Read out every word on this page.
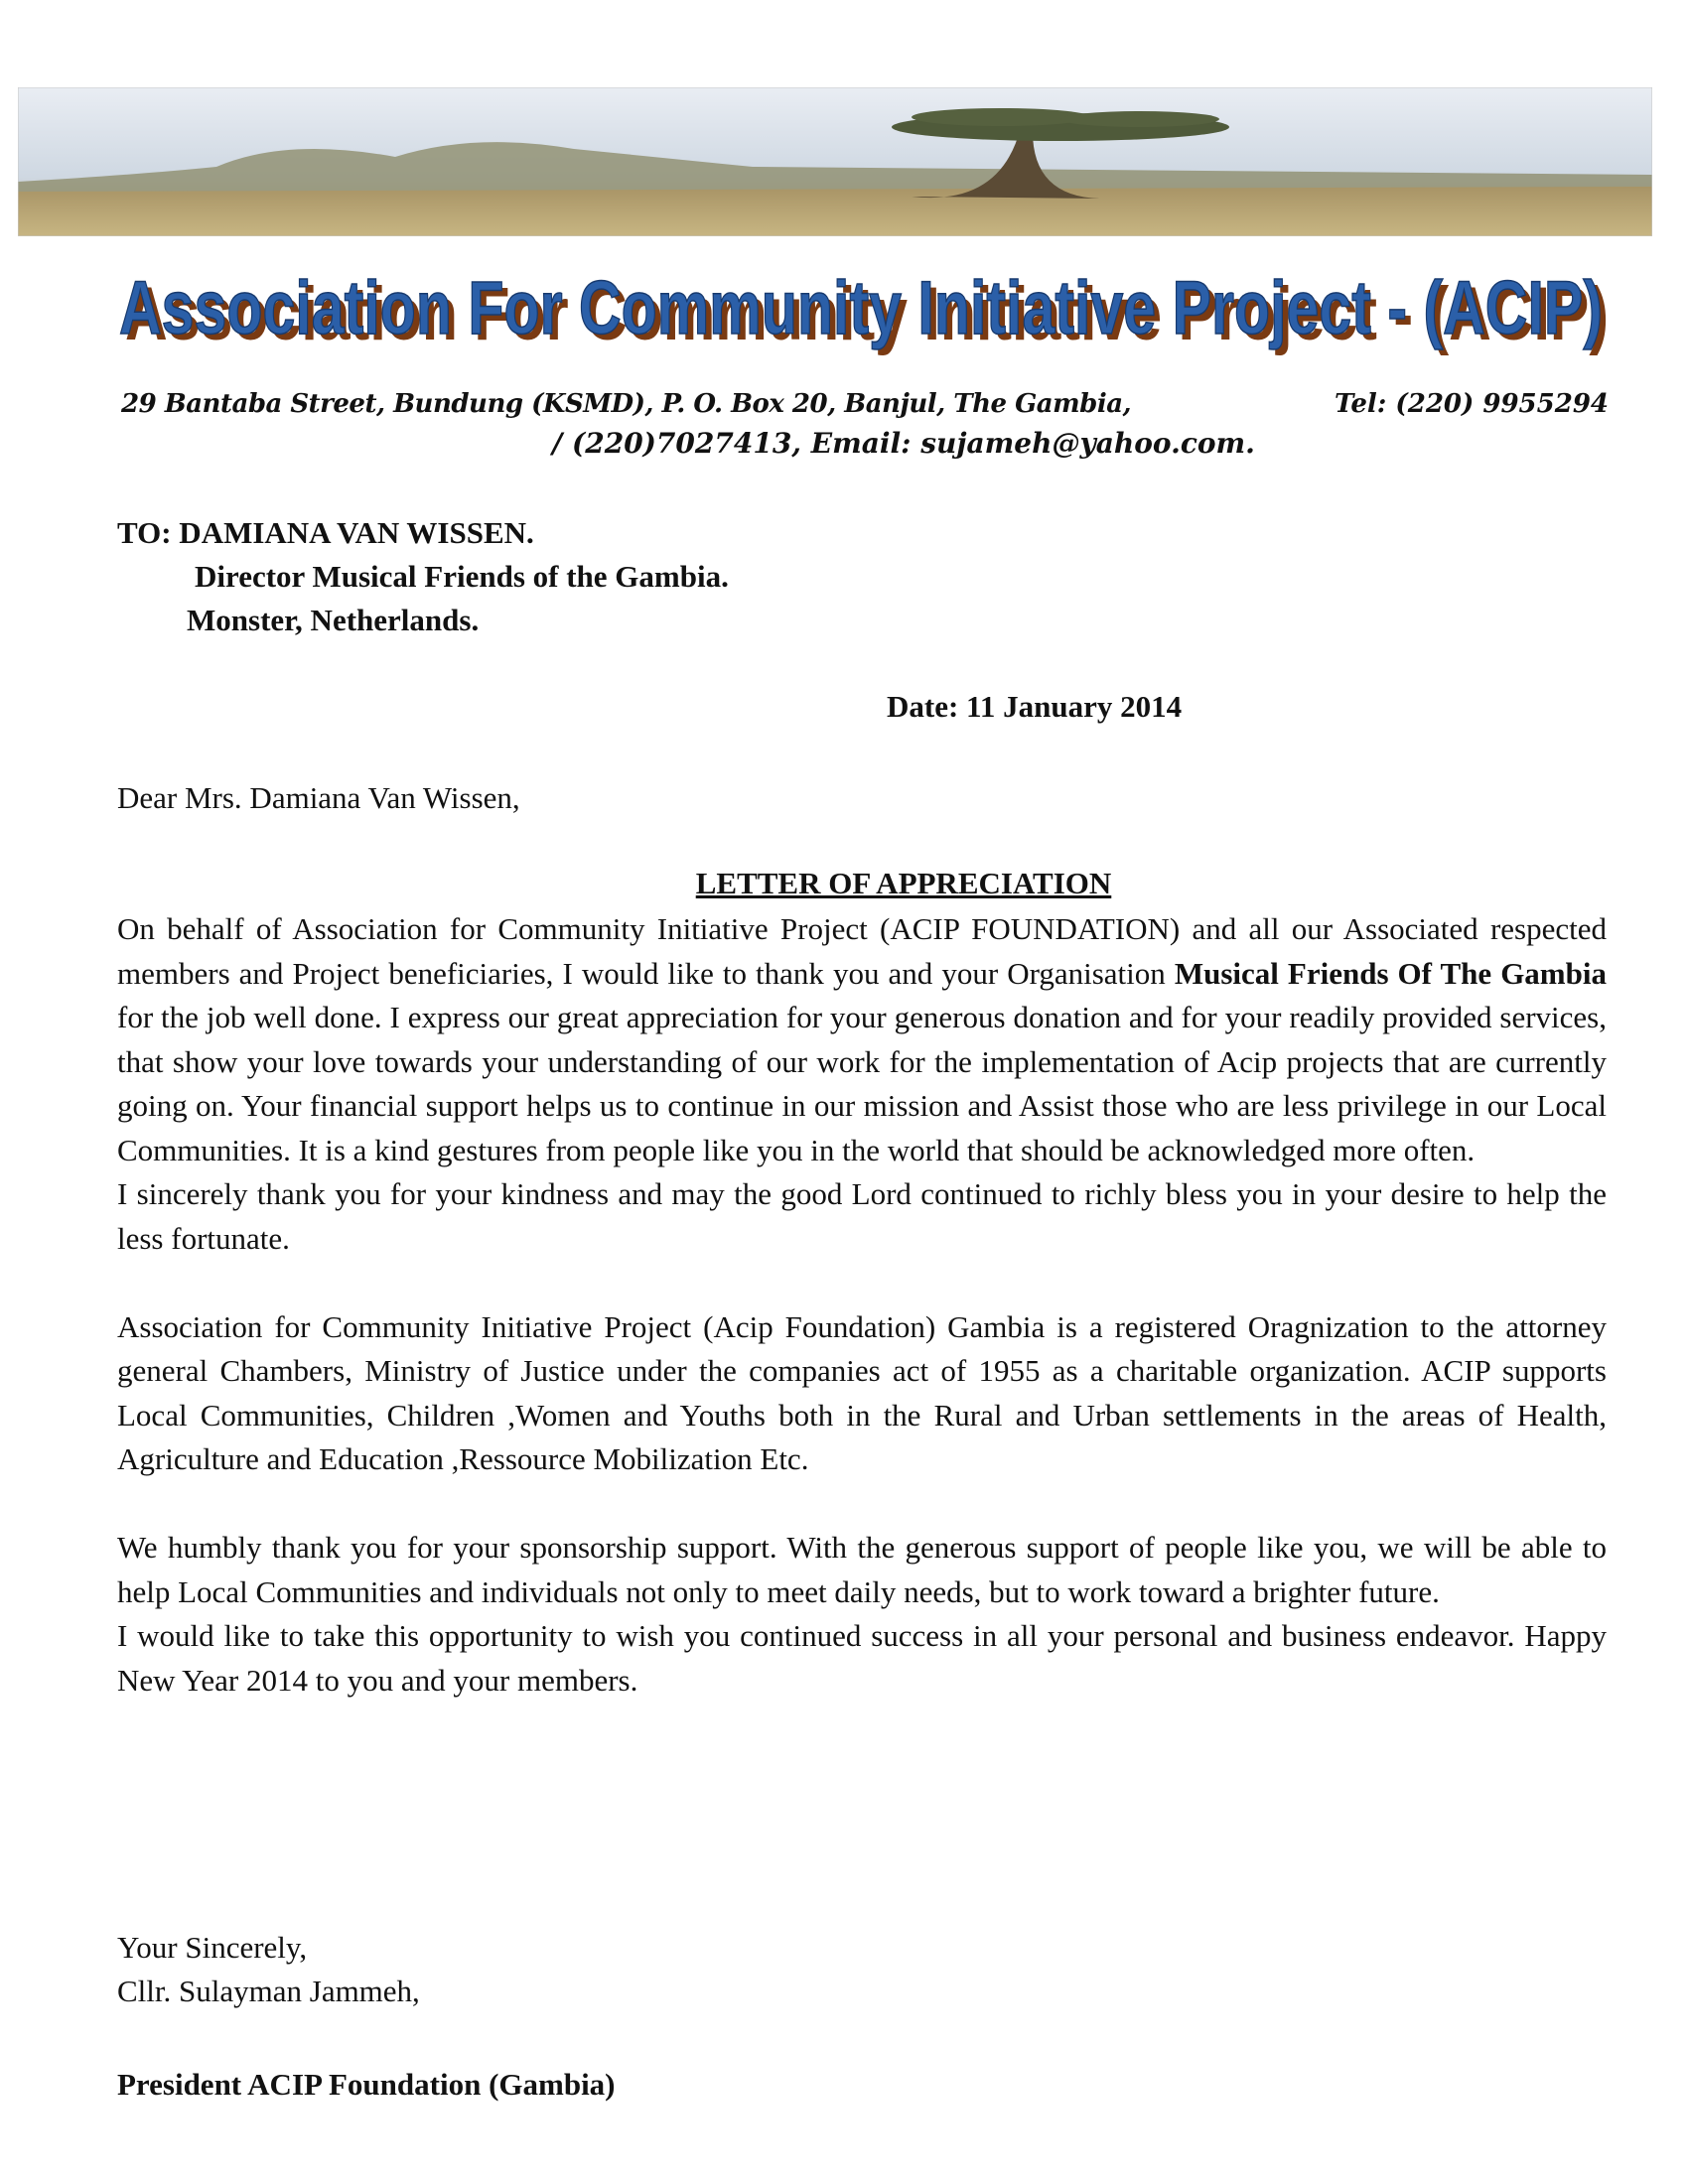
Association For Community Initiative Project - (ACIP)
Association For Community Initiative Project - (ACIP)
29 Bantaba Street, Bundung (KSMD), P. O. Box 20, Banjul, The Gambia,	Tel: (220) 9955294
/ (220)7027413, Email: sujameh@yahoo.com.
TO: DAMIANA VAN WISSEN.
Director Musical Friends of the Gambia.
Monster, Netherlands.
Date: 11 January 2014
Dear Mrs. Damiana Van Wissen,
LETTER OF APPRECIATION

On behalf of Association for Community Initiative Project (ACIP FOUNDATION) and all our Associated respected members and Project beneficiaries, I would like to thank you and your Organisation Musical Friends Of The Gambia for the job well done. I express our great appreciation for your generous donation and for your readily provided services, that show your love towards your understanding of our work for the implementation of Acip projects that are currently going on. Your financial support helps us to continue in our mission and Assist those who are less privilege in our Local Communities. It is a kind gestures from people like you in the world that should be acknowledged more often.

I sincerely thank you for your kindness and may the good Lord continued to richly bless you in your desire to help the less fortunate.

Association for Community Initiative Project (Acip Foundation) Gambia is a registered Oragnization to the attorney general Chambers, Ministry of Justice under the companies act of 1955 as a charitable organization. ACIP supports Local Communities, Children ,Women and Youths both in the Rural and Urban settlements in the areas of Health, Agriculture and Education ,Ressource Mobilization Etc.

We humbly thank you for your sponsorship support. With the generous support of people like you, we will be able to help Local Communities and individuals not only to meet daily needs, but to work toward a brighter future.

I would like to take this opportunity to wish you continued success in all your personal and business endeavor. Happy New Year 2014 to you and your members.

Your Sincerely,
Cllr. Sulayman Jammeh,
President ACIP Foundation (Gambia)
